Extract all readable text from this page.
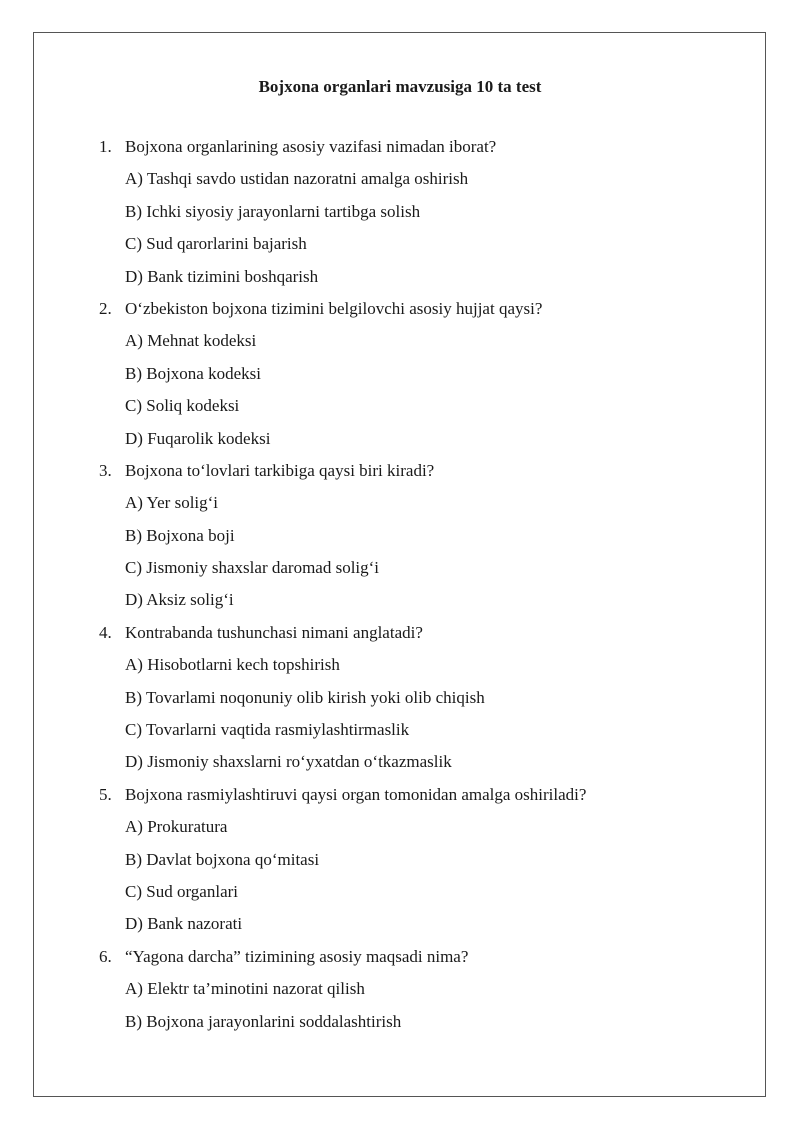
Bojxona organlari mavzusiga 10 ta test
1. Bojxona organlarining asosiy vazifasi nimadan iborat?
A) Tashqi savdo ustidan nazoratni amalga oshirish
B) Ichki siyosiy jarayonlarni tartibga solish
C) Sud qarorlarini bajarish
D) Bank tizimini boshqarish
2. O‘zbekiston bojxona tizimini belgilovchi asosiy hujjat qaysi?
A) Mehnat kodeksi
B) Bojxona kodeksi
C) Soliq kodeksi
D) Fuqarolik kodeksi
3. Bojxona to‘lovlari tarkibiga qaysi biri kiradi?
A) Yer solig‘i
B) Bojxona boji
C) Jismoniy shaxslar daromad solig‘i
D) Aksiz solig‘i
4. Kontrabanda tushunchasi nimani anglatadi?
A) Hisobotlarni kech topshirish
B) Tovarlami noqonuniy olib kirish yoki olib chiqish
C) Tovarlarni vaqtida rasmiylashtirmaslik
D) Jismoniy shaxslarni ro‘yxatdan o‘tkazmaslik
5. Bojxona rasmiylashtiruvi qaysi organ tomonidan amalga oshiriladi?
A) Prokuratura
B) Davlat bojxona qo‘mitasi
C) Sud organlari
D) Bank nazorati
6. “Yagona darcha” tizimining asosiy maqsadi nima?
A) Elektr ta’minotini nazorat qilish
B) Bojxona jarayonlarini soddalashtirish
